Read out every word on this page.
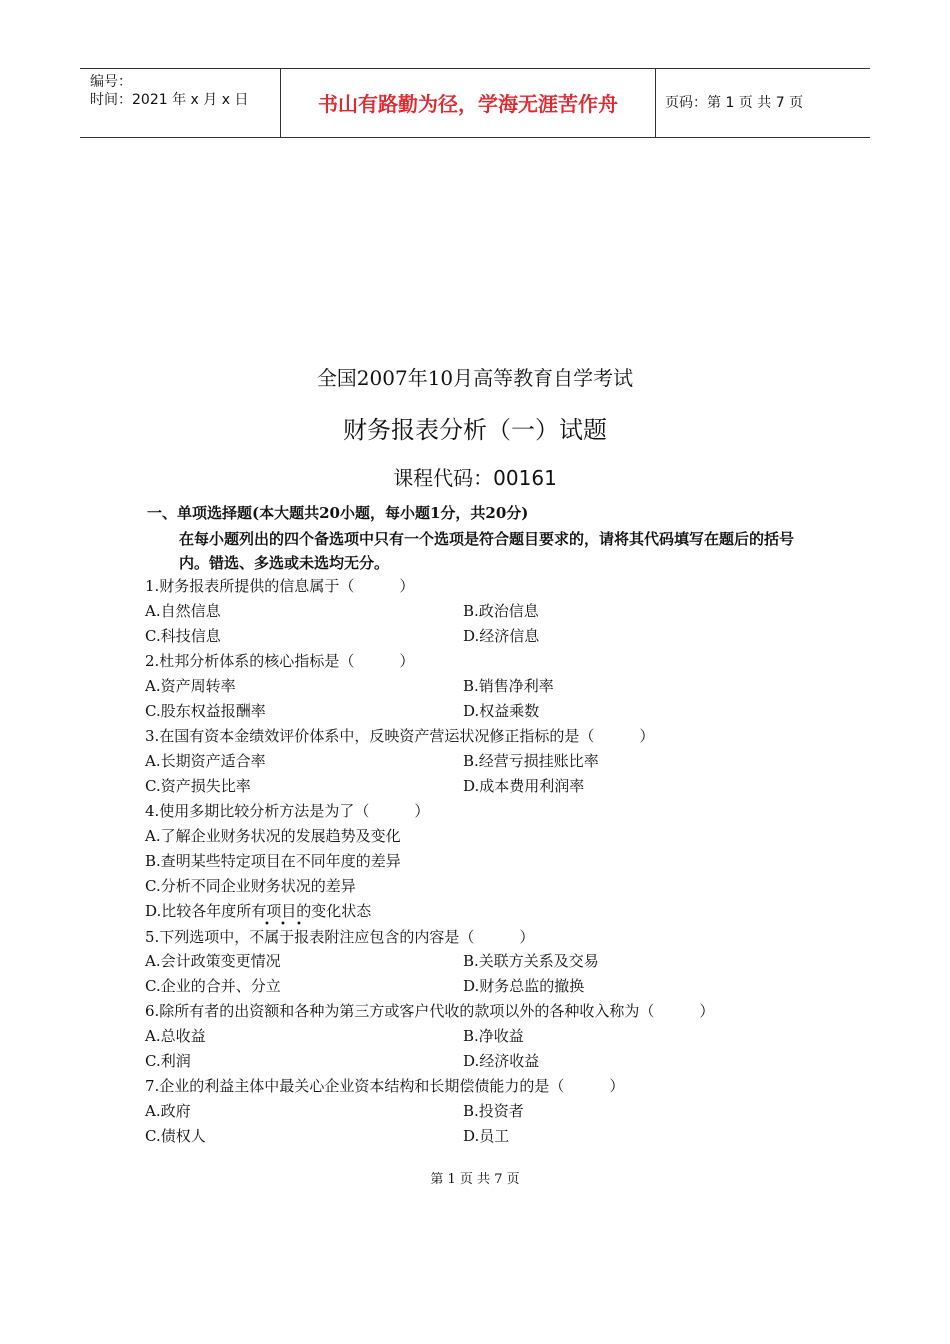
编号：
时间：2021 年 x 月 x 日	书山有路勤为径，学海无涯苦作舟	页码：第 1 页 共 7 页
全国2007年10月高等教育自学考试
财务报表分析（一）试题
课程代码：00161
一、单项选择题(本大题共20小题，每小题1分，共20分)
在每小题列出的四个备选项中只有一个选项是符合题目要求的，请将其代码填写在题后的括号内。错选、多选或未选均无分。
1.财务报表所提供的信息属于（　　　）
A.自然信息	B.政治信息
C.科技信息	D.经济信息
2.杜邦分析体系的核心指标是（　　　）
A.资产周转率	B.销售净利率
C.股东权益报酬率	D.权益乘数
3.在国有资本金绩效评价体系中，反映资产营运状况修正指标的是（　　　）
A.长期资产适合率	B.经营亏损挂账比率
C.资产损失比率	D.成本费用利润率
4.使用多期比较分析方法是为了（　　　）
A.了解企业财务状况的发展趋势及变化
B.查明某些特定项目在不同年度的差异
C.分析不同企业财务状况的差异
D.比较各年度所有项目的变化状态
• • •
5.下列选项中，不属于报表附注应包含的内容是（　　　）
A.会计政策变更情况	B.关联方关系及交易
C.企业的合并、分立	D.财务总监的撤换
6.除所有者的出资额和各种为第三方或客户代收的款项以外的各种收入称为（　　　）
A.总收益	B.净收益
C.利润	D.经济收益
7.企业的利益主体中最关心企业资本结构和长期偿债能力的是（　　　）
A.政府	B.投资者
C.债权人	D.员工
第 1 页 共 7 页
